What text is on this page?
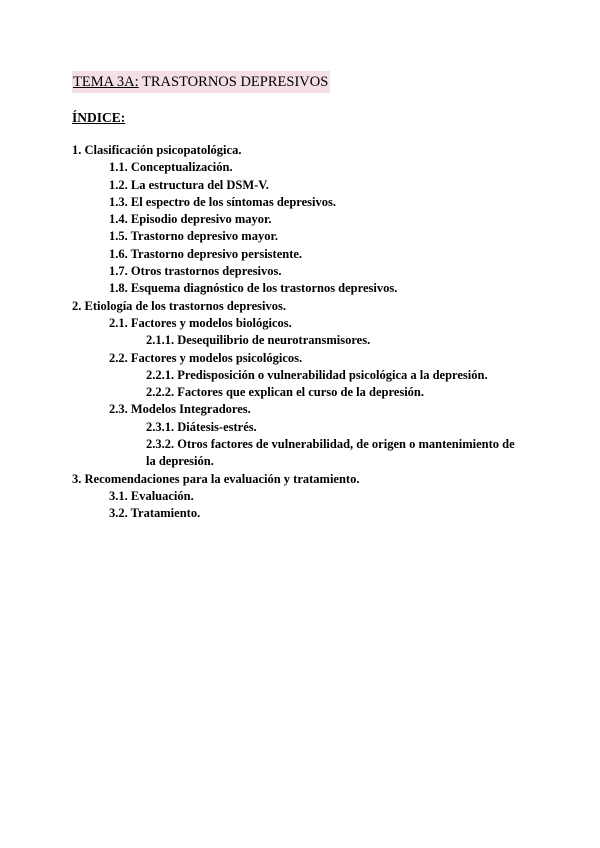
TEMA 3A: TRASTORNOS DEPRESIVOS
ÍNDICE:
1. Clasificación psicopatológica.
1.1. Conceptualización.
1.2. La estructura del DSM-V.
1.3. El espectro de los síntomas depresivos.
1.4. Episodio depresivo mayor.
1.5. Trastorno depresivo mayor.
1.6. Trastorno depresivo persistente.
1.7. Otros trastornos depresivos.
1.8. Esquema diagnóstico de los trastornos depresivos.
2. Etiología de los trastornos depresivos.
2.1. Factores y modelos biológicos.
2.1.1. Desequilibrio de neurotransmisores.
2.2. Factores y modelos psicológicos.
2.2.1. Predisposición o vulnerabilidad psicológica a la depresión.
2.2.2. Factores que explican el curso de la depresión.
2.3. Modelos Integradores.
2.3.1. Diátesis-estrés.
2.3.2. Otros factores de vulnerabilidad, de origen o mantenimiento de la depresión.
3. Recomendaciones para la evaluación y tratamiento.
3.1. Evaluación.
3.2. Tratamiento.
